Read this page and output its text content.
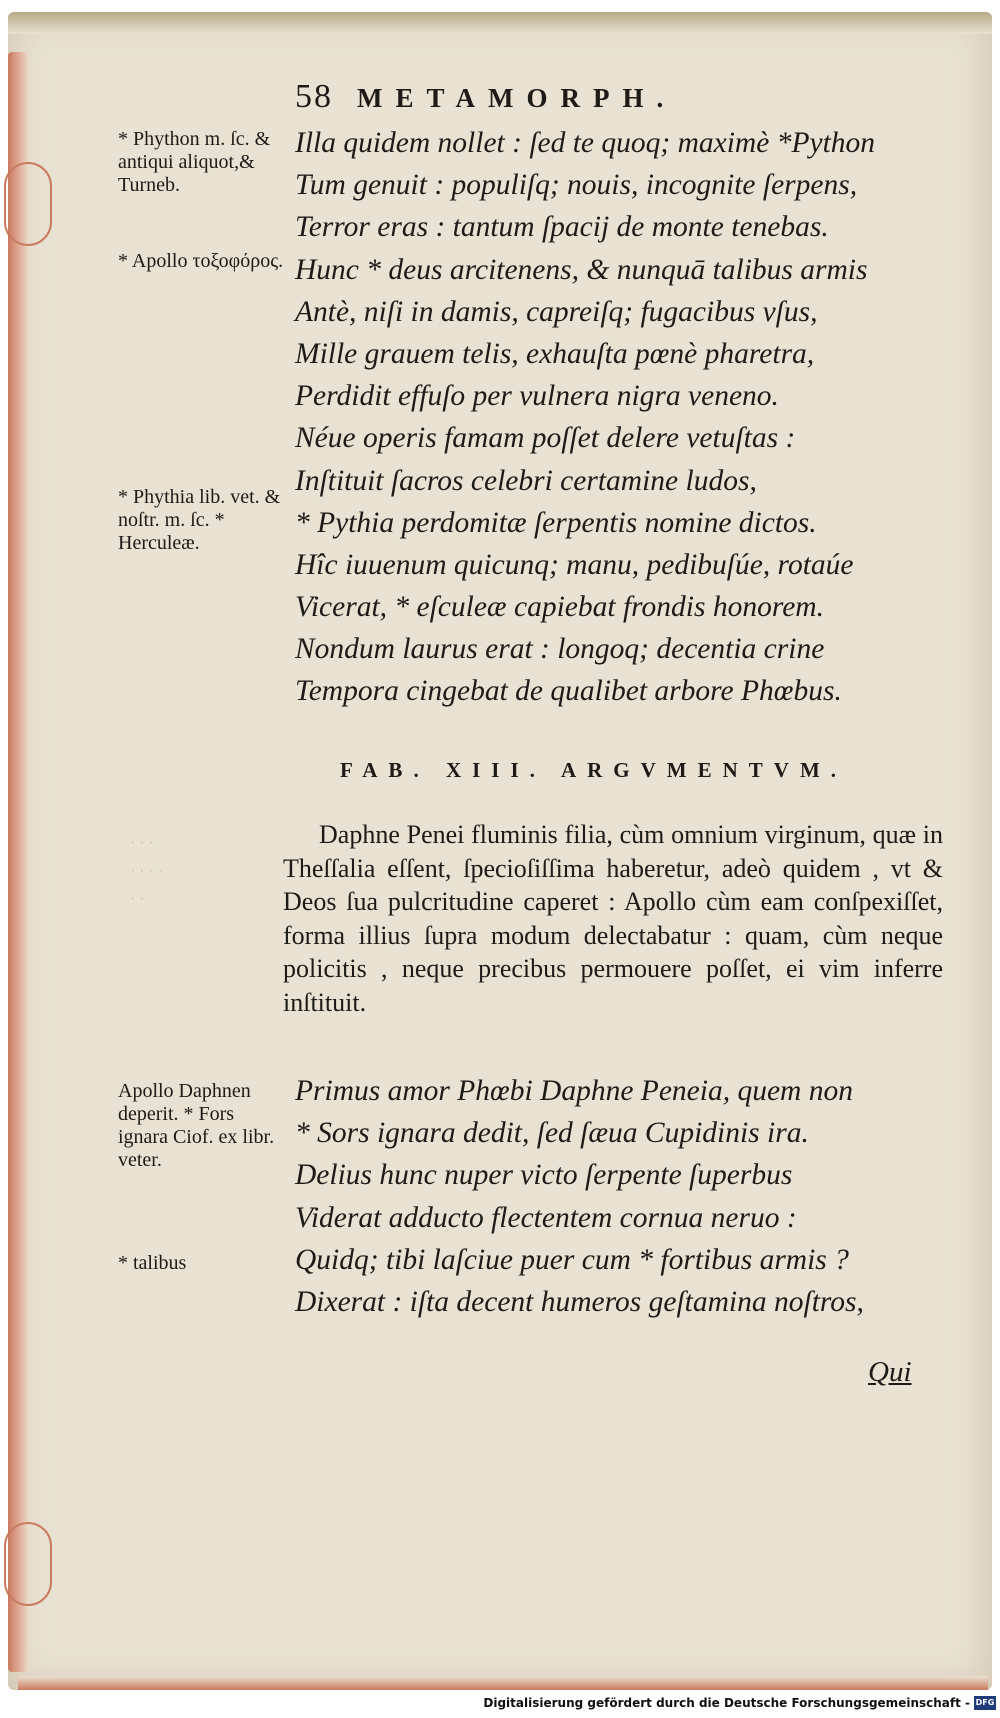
58 METAMORPH.
Illa quidem nollet : ſed te quoq; maximè *Python
Tum genuit : populiſq; nouis, incognite ſerpens,
Terror eras : tantum ſpacij de monte tenebas.
Hunc * deus arcitenens, & nunquā talibus armis
Antè, niſi in damis, capreiſq; fugacibus vſus,
Mille grauem telis, exhauſta pœnè pharetra,
Perdidit effuſo per vulnera nigra veneno.
Néue operis famam poſſet delere vetuſtas :
Inſtituit ſacros celebri certamine ludos,
* Pythia perdomitæ ſerpentis nomine dictos.
Hîc iuuenum quicunq; manu, pedibuſúe, rotaúe
Vicerat, * eſculeæ capiebat frondis honorem.
Nondum laurus erat : longoq; decentia crine
Tempora cingebat de qualibet arbore Phœbus.
* Phython m. ſc. & antiqui aliquot,& Turneb.
* Apollo τοξοφόρος.
* Phythia lib. vet. & noſtr. m. ſc. * Herculeæ.
FAB. XIII. ARGVMENTVM.
· · ·
· · · ·
· ·
Daphne Penei fluminis filia, cùm omnium virginum, quæ in Theſſalia eſſent, ſpecioſiſſima haberetur, adeò quidem , vt & Deos ſua pulcritudine caperet : Apollo cùm eam conſpexiſſet, forma illius ſupra modum delectabatur : quam, cùm neque policitis , neque precibus permouere poſſet, ei vim inferre inſtituit.
Apollo Daphnen deperit. * Fors ignara Ciof. ex libr. veter.
* talibus
Primus amor Phœbi Daphne Peneia, quem non
* Sors ignara dedit, ſed ſæua Cupidinis ira.
Delius hunc nuper victo ſerpente ſuperbus
Viderat adducto flectentem cornua neruo :
Quidq; tibi laſciue puer cum * fortibus armis ?
Dixerat : iſta decent humeros geſtamina noſtros,
Qui
Digitalisierung gefördert durch die Deutsche Forschungsgemeinschaft - DFG
